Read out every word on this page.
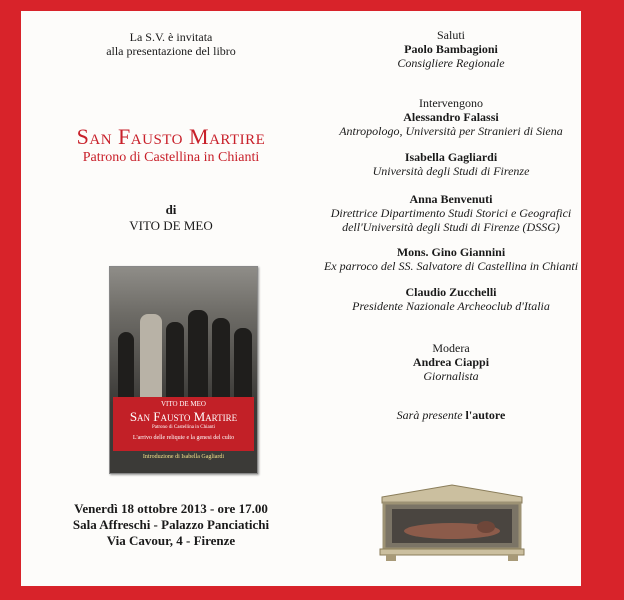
La S.V. è invitata
alla presentazione del libro
San Fausto Martire
Patrono di Castellina in Chianti
di
VITO DE MEO
VITO DE MEO
San Fausto Martire
Patrono di Castellina in Chianti
L'arrivo delle reliquie e la genesi del culto
Introduzione di Isabella Gagliardi
Venerdì 18 ottobre 2013 - ore 17.00
Sala Affreschi - Palazzo Panciatichi
Via Cavour, 4 - Firenze
Saluti
Paolo Bambagioni
Consigliere Regionale
Intervengono
Alessandro Falassi
Antropologo, Università per Stranieri di Siena
Isabella Gagliardi
Università degli Studi di Firenze
Anna Benvenuti
Direttrice Dipartimento Studi Storici e Geografici
dell'Università degli Studi di Firenze (DSSG)
Mons. Gino Giannini
Ex parroco del SS. Salvatore di Castellina in Chianti
Claudio Zucchelli
Presidente Nazionale Archeoclub d'Italia
Modera
Andrea Ciappi
Giornalista
Sarà presente l'autore
